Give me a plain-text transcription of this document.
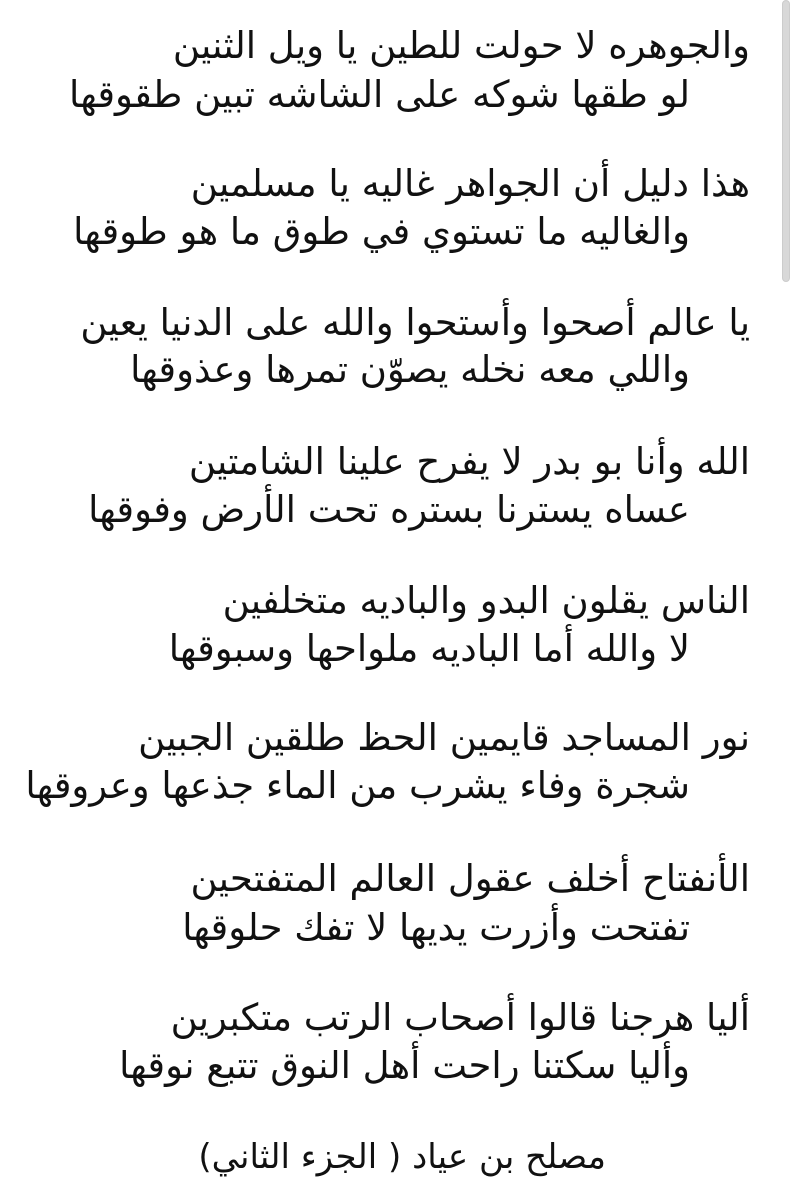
والجوهره لا حولت للطين يا ويل الثنين
لو طقها شوكه على الشاشه تبين طقوقها
هذا دليل أن الجواهر غاليه يا مسلمين
والغاليه ما تستوي في طوق ما هو طوقها
يا عالم أصحوا وأستحوا والله على الدنيا يعين
واللي معه نخله يصوّن تمرها وعذوقها
الله وأنا بو بدر لا يفرح علينا الشامتين
عساه يسترنا بستره تحت الأرض وفوقها
الناس يقلون البدو والباديه متخلفين
لا والله أما الباديه ملواحها وسبوقها
نور المساجد قايمين الحظ طلقين الجبين
شجرة وفاء يشرب من الماء جذعها وعروقها
الأنفتاح أخلف عقول العالم المتفتحين
تفتحت وأزرت يديها لا تفك حلوقها
أليا هرجنا قالوا أصحاب الرتب متكبرين
وأليا سكتنا راحت أهل النوق تتبع نوقها
مصلح بن عياد ( الجزء الثاني)
